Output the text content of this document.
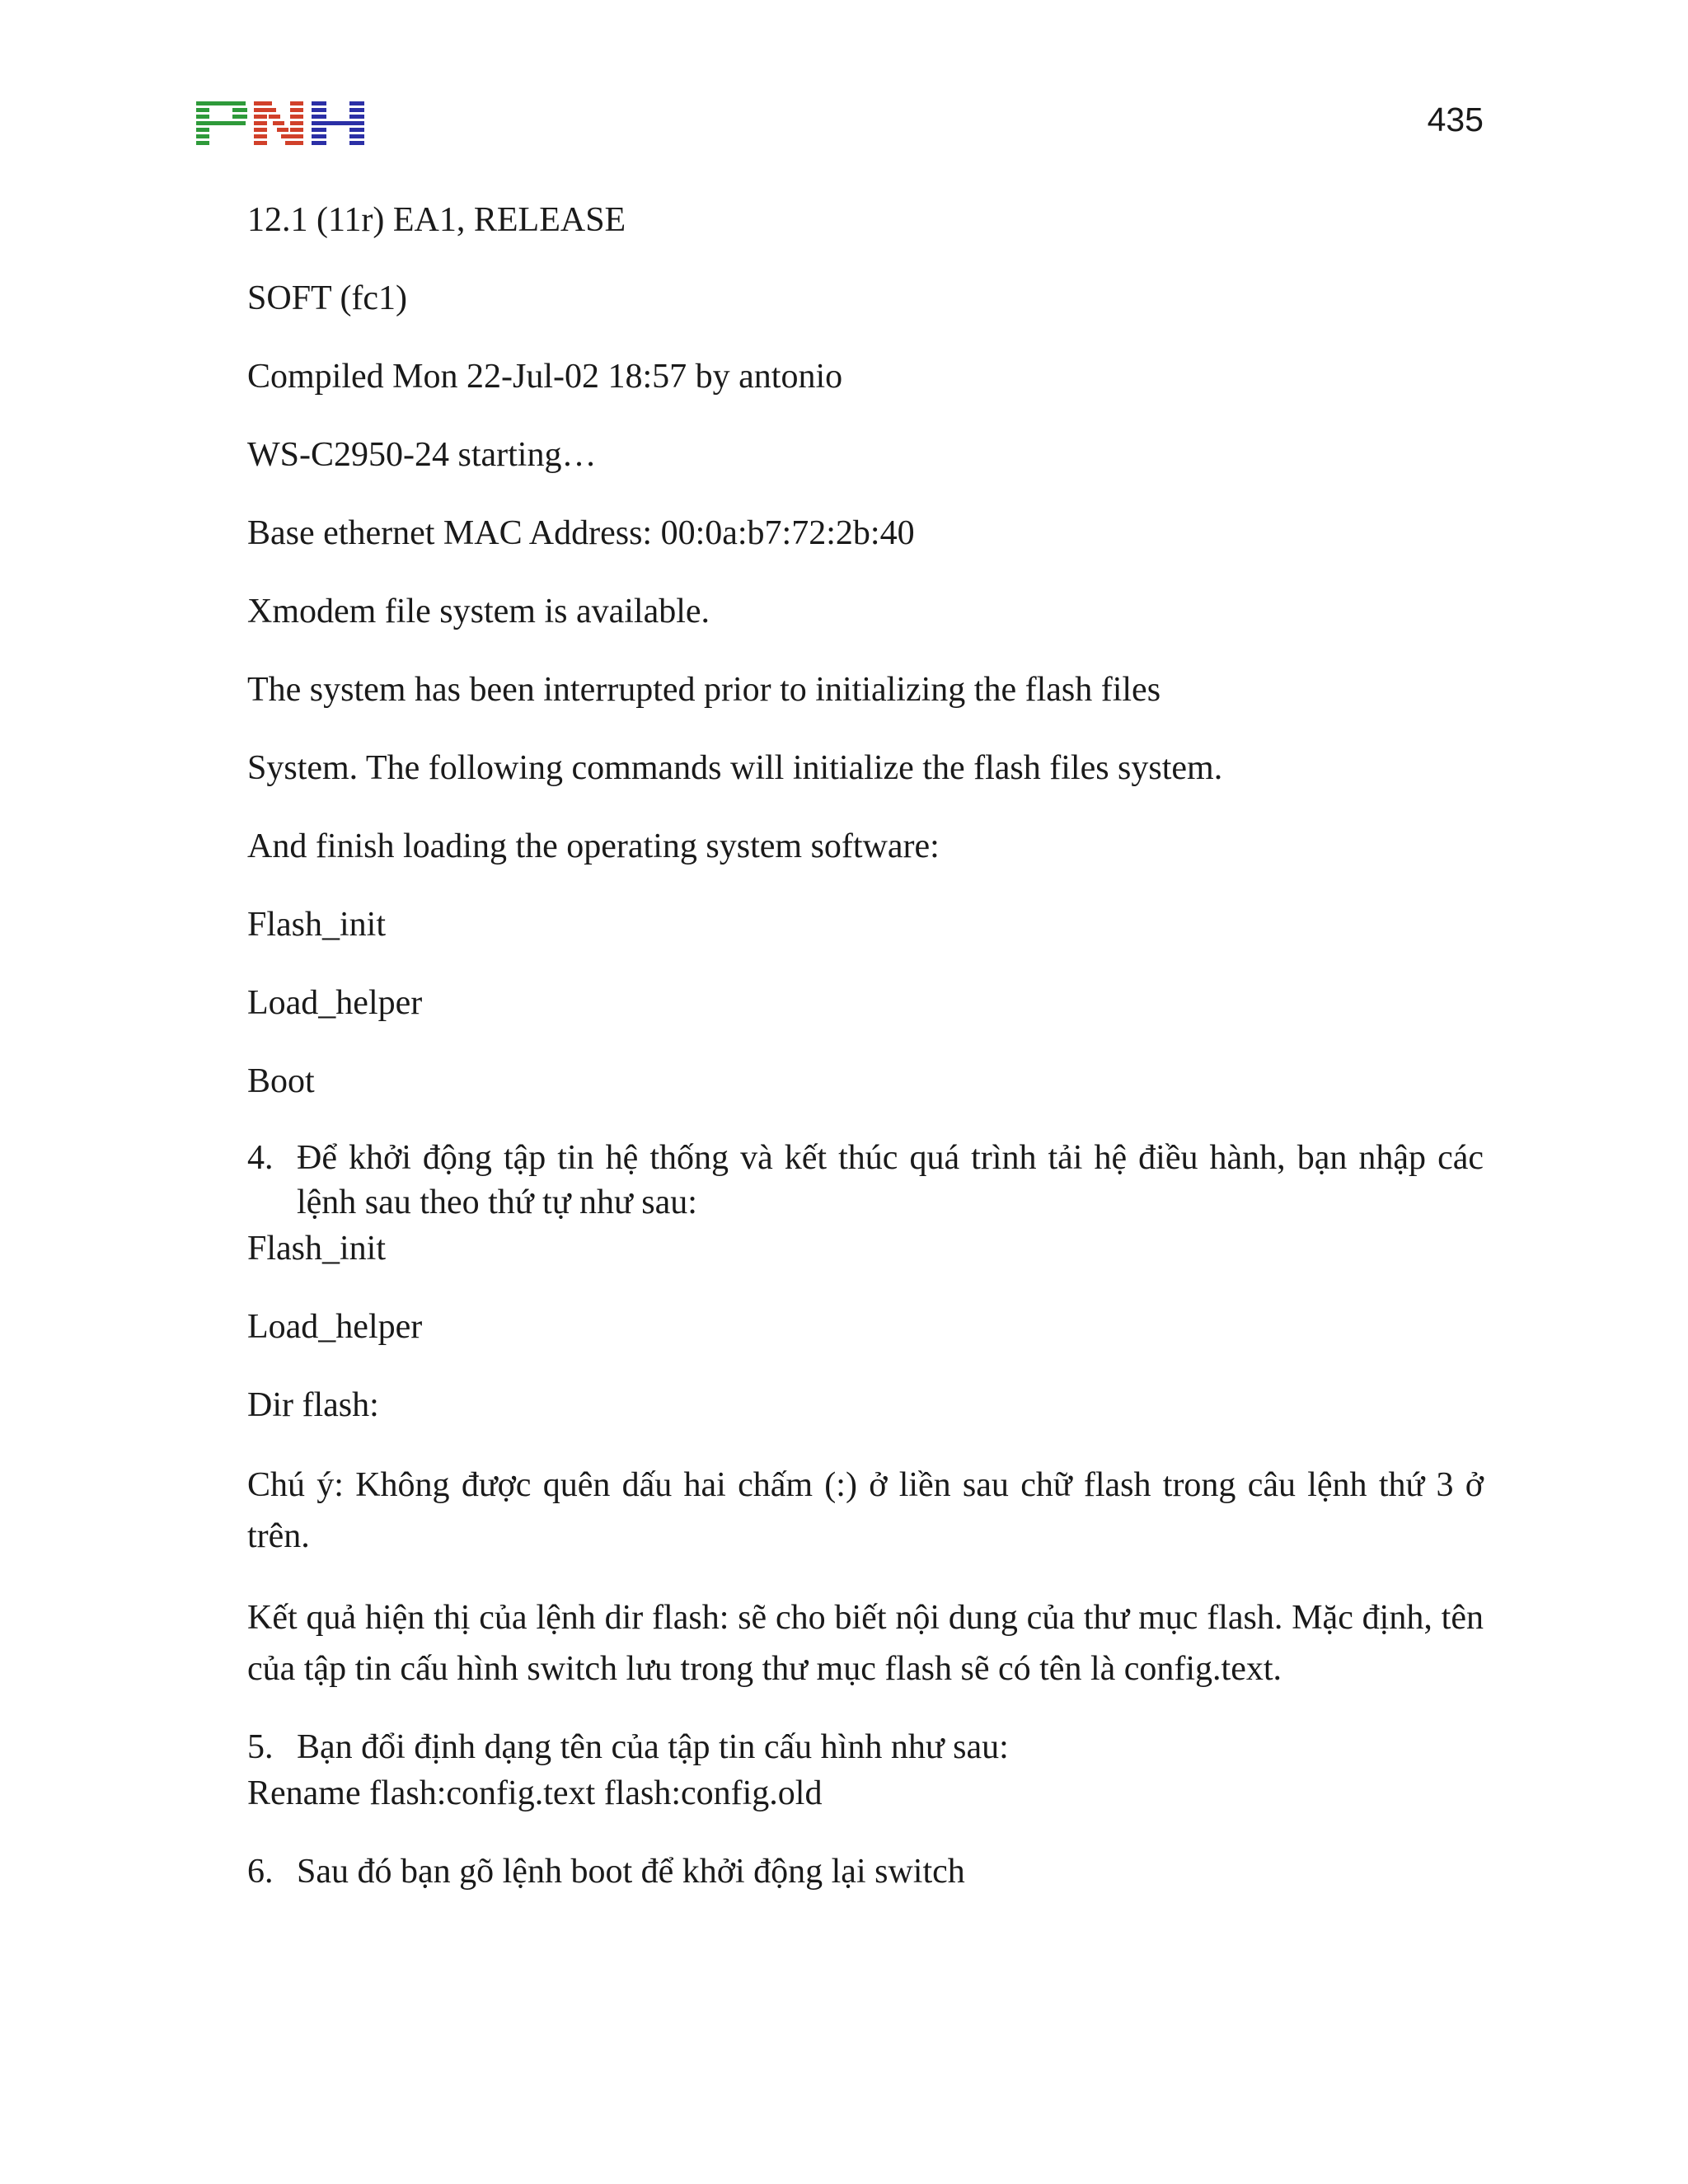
435

12.1 (11r) EA1, RELEASE

SOFT (fc1)

Compiled Mon 22-Jul-02 18:57 by antonio

WS-C2950-24 starting…

Base ethernet MAC Address: 00:0a:b7:72:2b:40

Xmodem file system is available.

The system has been interrupted prior to initializing the flash files

System. The following commands will initialize the flash files system.

And finish loading the operating system software:

Flash_init

Load_helper

Boot

4. Để khởi động tập tin hệ thống và kết thúc quá trình tải hệ điều hành, bạn nhập các lệnh sau theo thứ tự như sau:

Flash_init

Load_helper

Dir flash:

Chú ý: Không được quên dấu hai chấm (:) ở liền sau chữ flash trong câu lệnh thứ 3 ở trên.

Kết quả hiện thị của lệnh dir flash: sẽ cho biết nội dung của thư mục flash. Mặc định, tên của tập tin cấu hình switch lưu trong thư mục flash sẽ có tên là config.text.

5. Bạn đổi định dạng tên của tập tin cấu hình như sau:

Rename flash:config.text flash:config.old

6. Sau đó bạn gõ lệnh boot để khởi động lại switch
